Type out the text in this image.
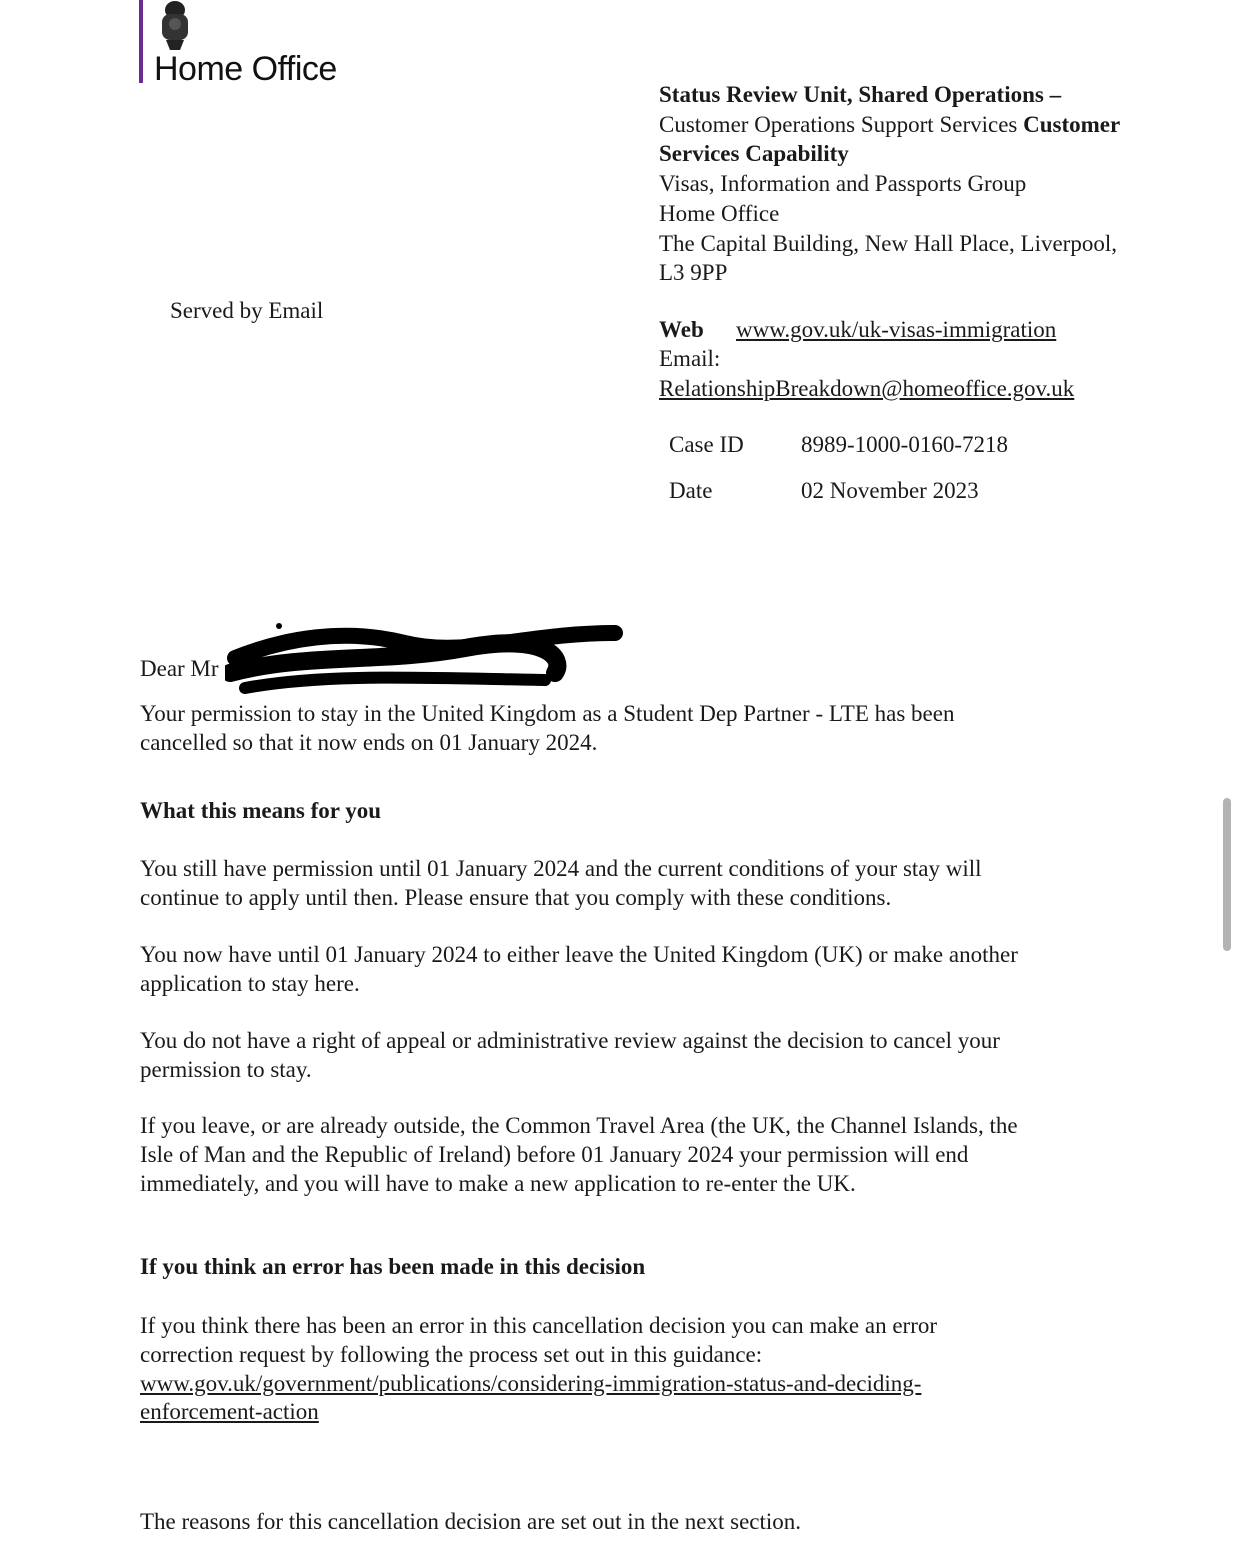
Home Office
Status Review Unit, Shared Operations –
Customer Operations Support Services Customer
Services Capability
Visas, Information and Passports Group
Home Office
The Capital Building, New Hall Place, Liverpool,
L3 9PP
Served by Email
Web www.gov.uk/uk-visas-immigration
Email:
RelationshipBreakdown@homeoffice.gov.uk
Case ID 8989-1000-0160-7218
Date	02 November 2023
Dear Mr
Your permission to stay in the United Kingdom as a Student Dep Partner - LTE has been
cancelled so that it now ends on 01 January 2024.
What this means for you
You still have permission until 01 January 2024 and the current conditions of your stay will
continue to apply until then. Please ensure that you comply with these conditions.
You now have until 01 January 2024 to either leave the United Kingdom (UK) or make another
application to stay here.
You do not have a right of appeal or administrative review against the decision to cancel your
permission to stay.
If you leave, or are already outside, the Common Travel Area (the UK, the Channel Islands, the
Isle of Man and the Republic of Ireland) before 01 January 2024 your permission will end
immediately, and you will have to make a new application to re-enter the UK.
If you think an error has been made in this decision
If you think there has been an error in this cancellation decision you can make an error
correction request by following the process set out in this guidance:
www.gov.uk/government/publications/considering-immigration-status-and-deciding-
enforcement-action
The reasons for this cancellation decision are set out in the next section.
